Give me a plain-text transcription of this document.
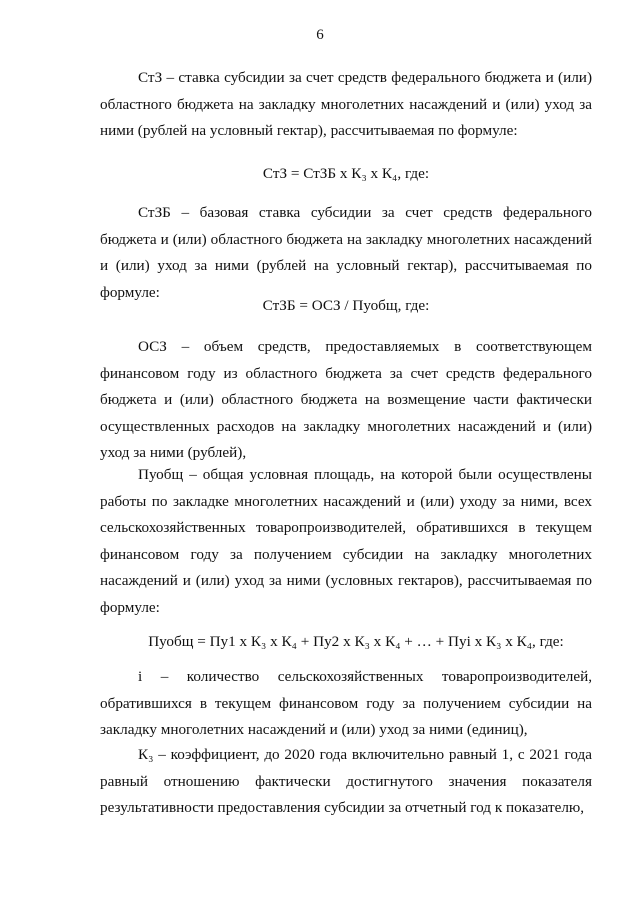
6

СтЗ – ставка субсидии за счет средств федерального бюджета и (или) областного бюджета на закладку многолетних насаждений и (или) уход за ними (рублей на условный гектар), рассчитываемая по формуле:

СтЗ = СтЗБ х К₃ х К₄, где:

СтЗБ – базовая ставка субсидии за счет средств федерального бюджета и (или) областного бюджета на закладку многолетних насаждений и (или) уход за ними (рублей на условный гектар), рассчитываемая по формуле:

СтЗБ = ОСЗ / Пуобщ, где:

ОСЗ – объем средств, предоставляемых в соответствующем финансовом году из областного бюджета за счет средств федерального бюджета и (или) областного бюджета на возмещение части фактически осуществленных расходов на закладку многолетних насаждений и (или) уход за ними (рублей),

Пуобщ – общая условная площадь, на которой были осуществлены работы по закладке многолетних насаждений и (или) уходу за ними, всех сельскохозяйственных товаропроизводителей, обратившихся в текущем финансовом году за получением субсидии на закладку многолетних насаждений и (или) уход за ними (условных гектаров), рассчитываемая по формуле:

Пуобщ = Пу1 х К₃ х К₄ + Пу2 х К₃ х К₄ + … + Пуi х К₃ х К₄, где:

i – количество сельскохозяйственных товаропроизводителей, обратившихся в текущем финансовом году за получением субсидии на закладку многолетних насаждений и (или) уход за ними (единиц),

К₃ – коэффициент, до 2020 года включительно равный 1, с 2021 года равный отношению фактически достигнутого значения показателя результативности предоставления субсидии за отчетный год к показателю,
